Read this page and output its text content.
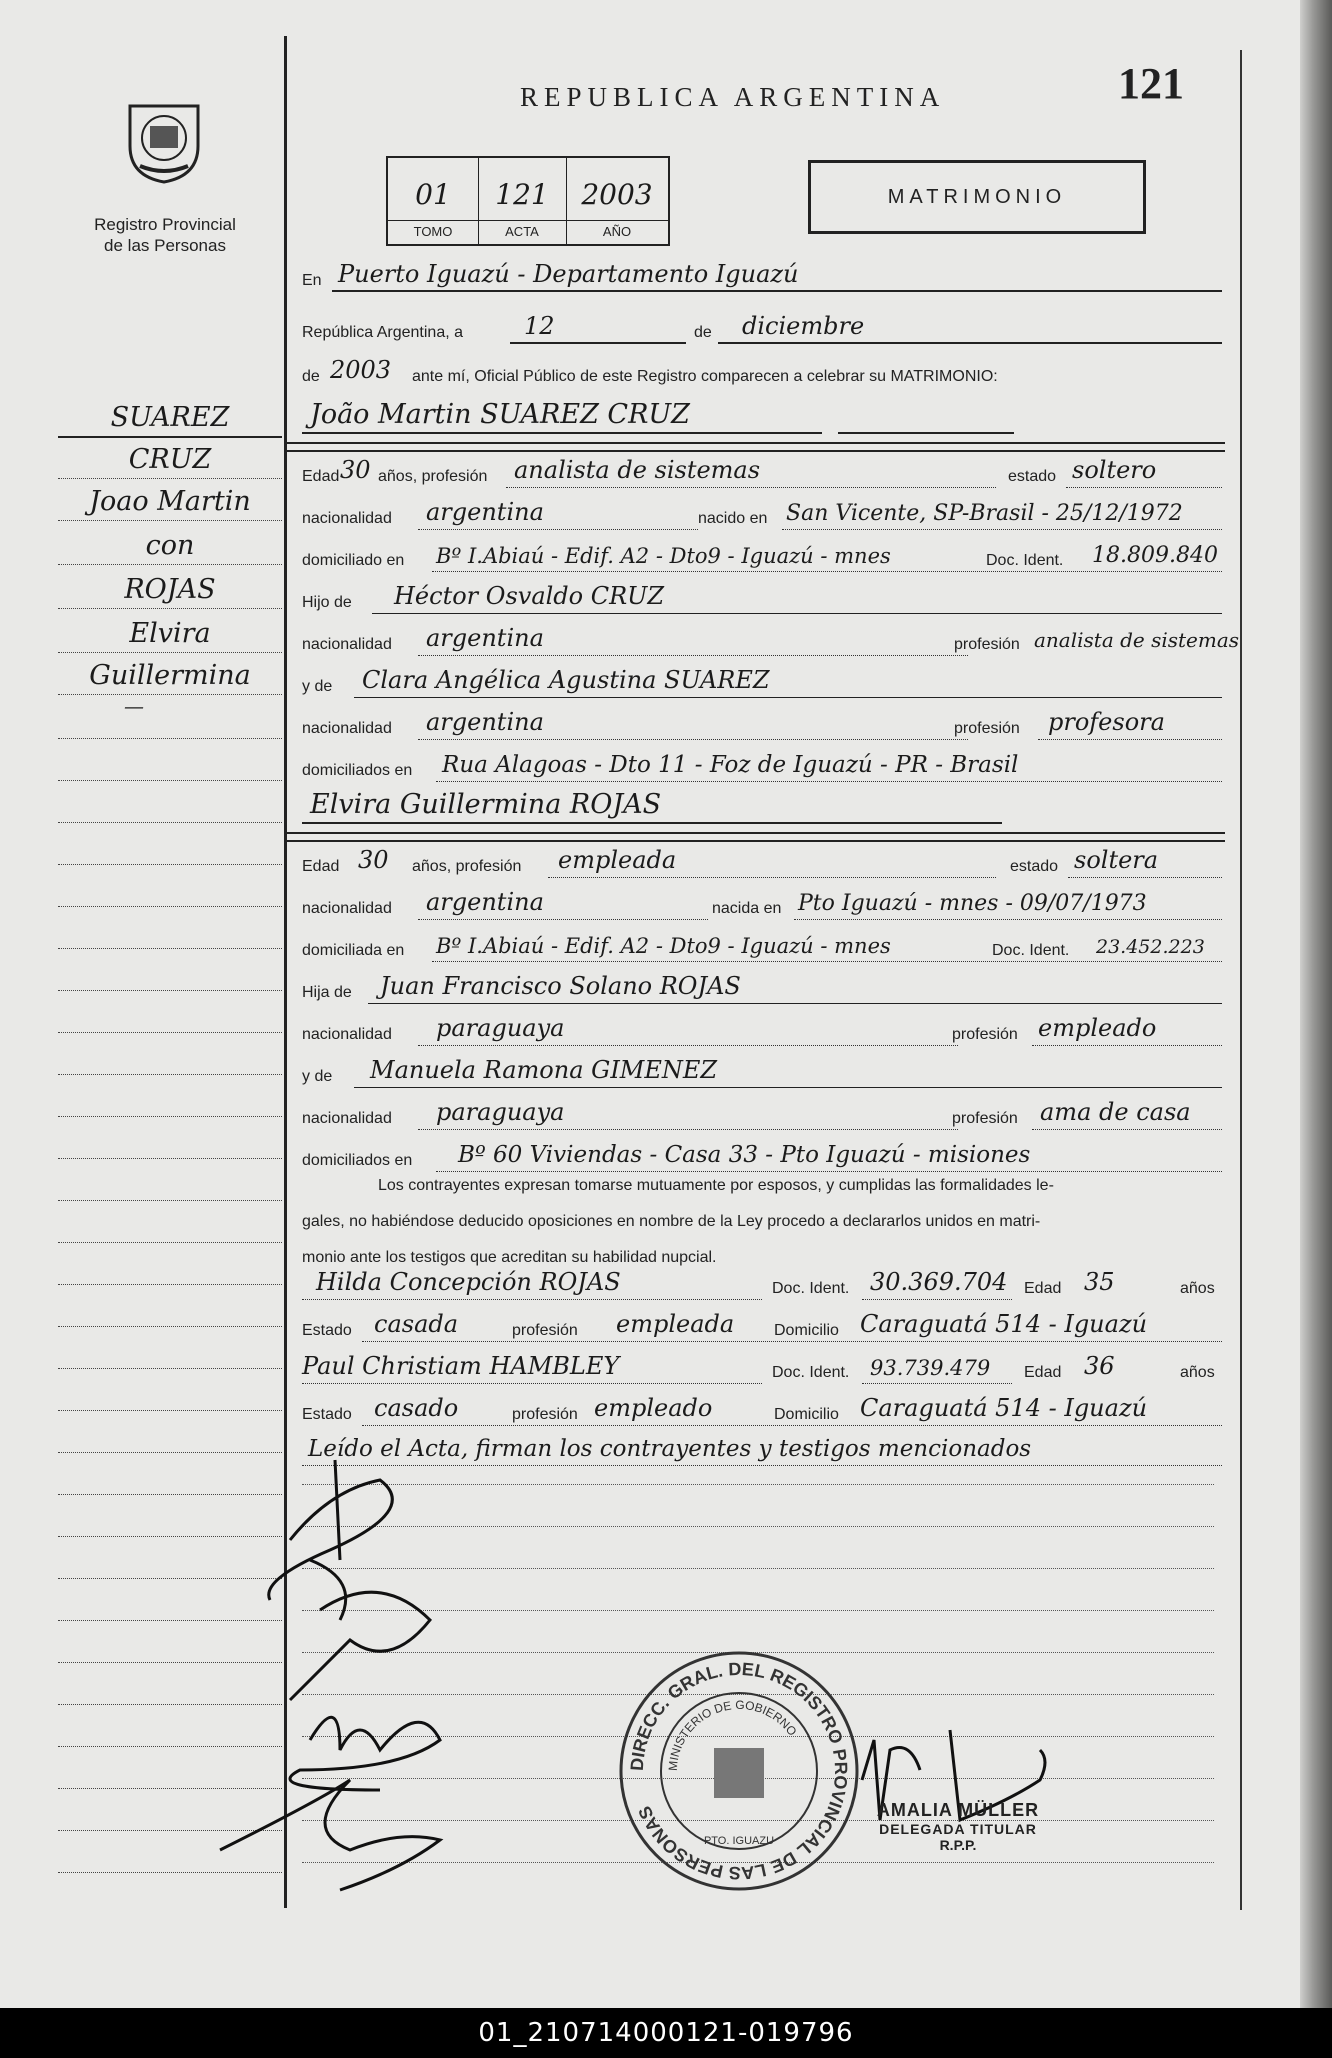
Registro Provincial
de las Personas
REPUBLICA ARGENTINA	121
01	121	2003
TOMO	ACTA	AÑO
MATRIMONIO
SUAREZ
CRUZ
Joao Martin
con
ROJAS
Elvira
Guillermina
—
En Puerto Iguazú - Departamento Iguazú
República Argentina, a	12	de diciembre
de 2003 ante mí, Oficial Público de este Registro comparecen a celebrar su MATRIMONIO:
João Martin SUAREZ CRUZ
Edad 30 años, profesión analista de sistemas	estado soltero
nacionalidad argentina	nacido en San Vicente, SP-Brasil - 25/12/1972
domiciliado en Bº I.Abiaú - Edif. A2 - Dto9 - Iguazú - mnes	Doc. Ident. 18.809.840
Hijo de Héctor Osvaldo CRUZ
nacionalidad argentina	profesión analista de sistemas
y de Clara Angélica Agustina SUAREZ
nacionalidad argentina	profesión profesora
domiciliados en Rua Alagoas - Dto 11 - Foz de Iguazú - PR - Brasil
Elvira Guillermina ROJAS
Edad 30 años, profesión empleada	estado soltera
nacionalidad argentina	nacida en Pto Iguazú - mnes - 09/07/1973
domiciliada en Bº I.Abiaú - Edif. A2 - Dto9 - Iguazú - mnes	Doc. Ident. 23.452.223
Hija de Juan Francisco Solano ROJAS
nacionalidad paraguaya	profesión empleado
y de Manuela Ramona GIMENEZ
nacionalidad paraguaya	profesión ama de casa
domiciliados en Bº 60 Viviendas - Casa 33 - Pto Iguazú - misiones
Los contrayentes expresan tomarse mutuamente por esposos, y cumplidas las formalidades le-
gales, no habiéndose deducido oposiciones en nombre de la Ley procedo a declararlos unidos en matri-
monio ante los testigos que acreditan su habilidad nupcial.
Hilda Concepción ROJAS	Doc. Ident. 30.369.704 Edad 35	años
Estado casada	profesión empleada Domicilio Caraguatá 514 - Iguazú
Paul Christiam HAMBLEY	Doc. Ident. 93.739.479 Edad 36	años
Estado casado	profesión empleado	Domicilio Caraguatá 514 - Iguazú
Leído el Acta, firman los contrayentes y testigos mencionados
DIRECC. GRAL. DEL REGISTRO PROVINCIAL DE LAS PERSONAS
MINISTERIO DE GOBIERNO
PTO. IGUAZU
AMALIA MÜLLER
DELEGADA TITULAR
R.P.P.
01_210714000121-019796
